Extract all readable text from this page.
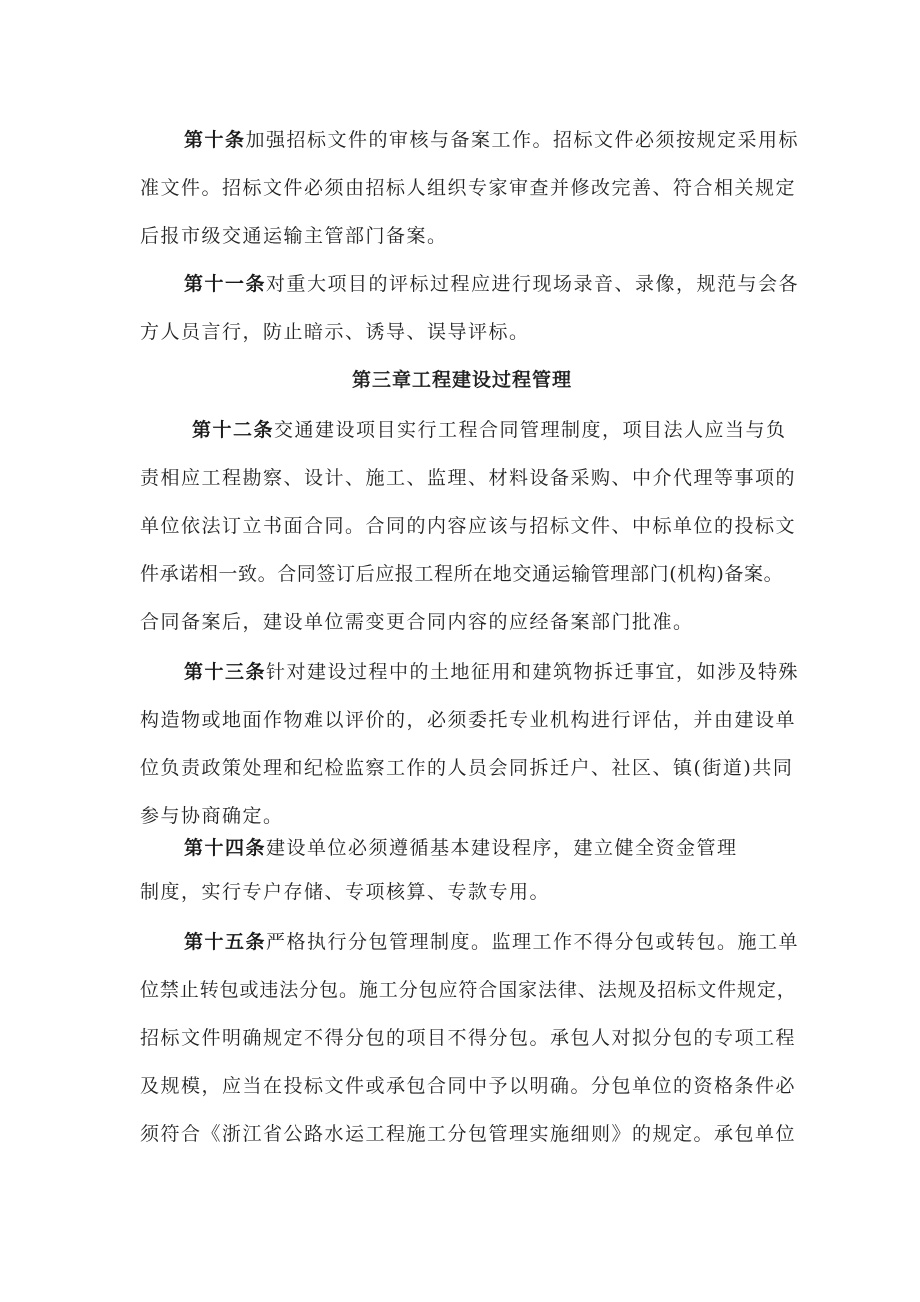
第十条加强招标文件的审核与备案工作。招标文件必须按规定采用标
准文件。招标文件必须由招标人组织专家审查并修改完善、符合相关规定
后报市级交通运输主管部门备案。
第十一条对重大项目的评标过程应进行现场录音、录像，规范与会各
方人员言行，防止暗示、诱导、误导评标。
第三章工程建设过程管理
第十二条交通建设项目实行工程合同管理制度，项目法人应当与负
责相应工程勘察、设计、施工、监理、材料设备采购、中介代理等事项的
单位依法订立书面合同。合同的内容应该与招标文件、中标单位的投标文
件承诺相一致。合同签订后应报工程所在地交通运输管理部门(机构)备案。
合同备案后，建设单位需变更合同内容的应经备案部门批准。
第十三条针对建设过程中的土地征用和建筑物拆迁事宜，如涉及特殊
构造物或地面作物难以评价的，必须委托专业机构进行评估，并由建设单
位负责政策处理和纪检监察工作的人员会同拆迁户、社区、镇(街道)共同
参与协商确定。
第十四条建设单位必须遵循基本建设程序，建立健全资金管理
制度，实行专户存储、专项核算、专款专用。
第十五条严格执行分包管理制度。监理工作不得分包或转包。施工单
位禁止转包或违法分包。施工分包应符合国家法律、法规及招标文件规定，
招标文件明确规定不得分包的项目不得分包。承包人对拟分包的专项工程
及规模，应当在投标文件或承包合同中予以明确。分包单位的资格条件必
须符合《浙江省公路水运工程施工分包管理实施细则》的规定。承包单位
